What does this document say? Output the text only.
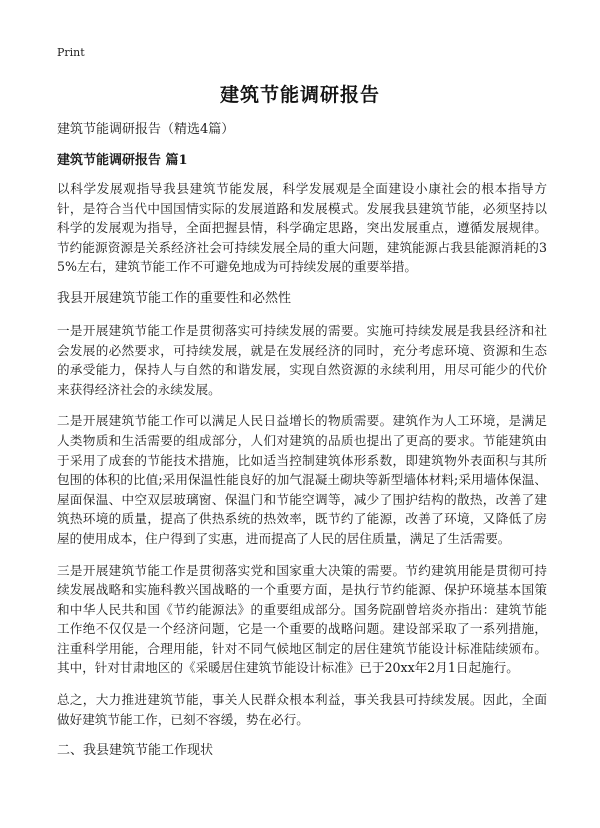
Print
建筑节能调研报告
建筑节能调研报告（精选4篇）
建筑节能调研报告 篇1

以科学发展观指导我县建筑节能发展，科学发展观是全面建设小康社会的根本指导方针，是符合当代中国国情实际的发展道路和发展模式。发展我县建筑节能，必须坚持以科学的发展观为指导，全面把握县情，科学确定思路，突出发展重点，遵循发展规律。节约能源资源是关系经济社会可持续发展全局的重大问题，建筑能源占我县能源消耗的35%左右，建筑节能工作不可避免地成为可持续发展的重要举措。

我县开展建筑节能工作的重要性和必然性

一是开展建筑节能工作是贯彻落实可持续发展的需要。实施可持续发展是我县经济和社会发展的必然要求，可持续发展，就是在发展经济的同时，充分考虑环境、资源和生态的承受能力，保持人与自然的和谐发展，实现自然资源的永续利用，用尽可能少的代价来获得经济社会的永续发展。

二是开展建筑节能工作可以满足人民日益增长的物质需要。建筑作为人工环境，是满足人类物质和生活需要的组成部分，人们对建筑的品质也提出了更高的要求。节能建筑由于采用了成套的节能技术措施，比如适当控制建筑体形系数，即建筑物外表面积与其所包围的体积的比值;采用保温性能良好的加气混凝土砌块等新型墙体材料;采用墙体保温、屋面保温、中空双层玻璃窗、保温门和节能空调等，减少了围护结构的散热，改善了建筑热环境的质量，提高了供热系统的热效率，既节约了能源，改善了环境，又降低了房屋的使用成本，住户得到了实惠，进而提高了人民的居住质量，满足了生活需要。

三是开展建筑节能工作是贯彻落实党和国家重大决策的需要。节约建筑用能是贯彻可持续发展战略和实施科教兴国战略的一个重要方面，是执行节约能源、保护环境基本国策和中华人民共和国《节约能源法》的重要组成部分。国务院副曾培炎亦指出：建筑节能工作绝不仅仅是一个经济问题，它是一个重要的战略问题。建设部采取了一系列措施，注重科学用能，合理用能，针对不同气候地区制定的居住建筑节能设计标准陆续颁布。其中，针对甘肃地区的《采暖居住建筑节能设计标准》已于20xx年2月1日起施行。

总之，大力推进建筑节能，事关人民群众根本利益，事关我县可持续发展。因此，全面做好建筑节能工作，已刻不容缓，势在必行。

二、我县建筑节能工作现状
